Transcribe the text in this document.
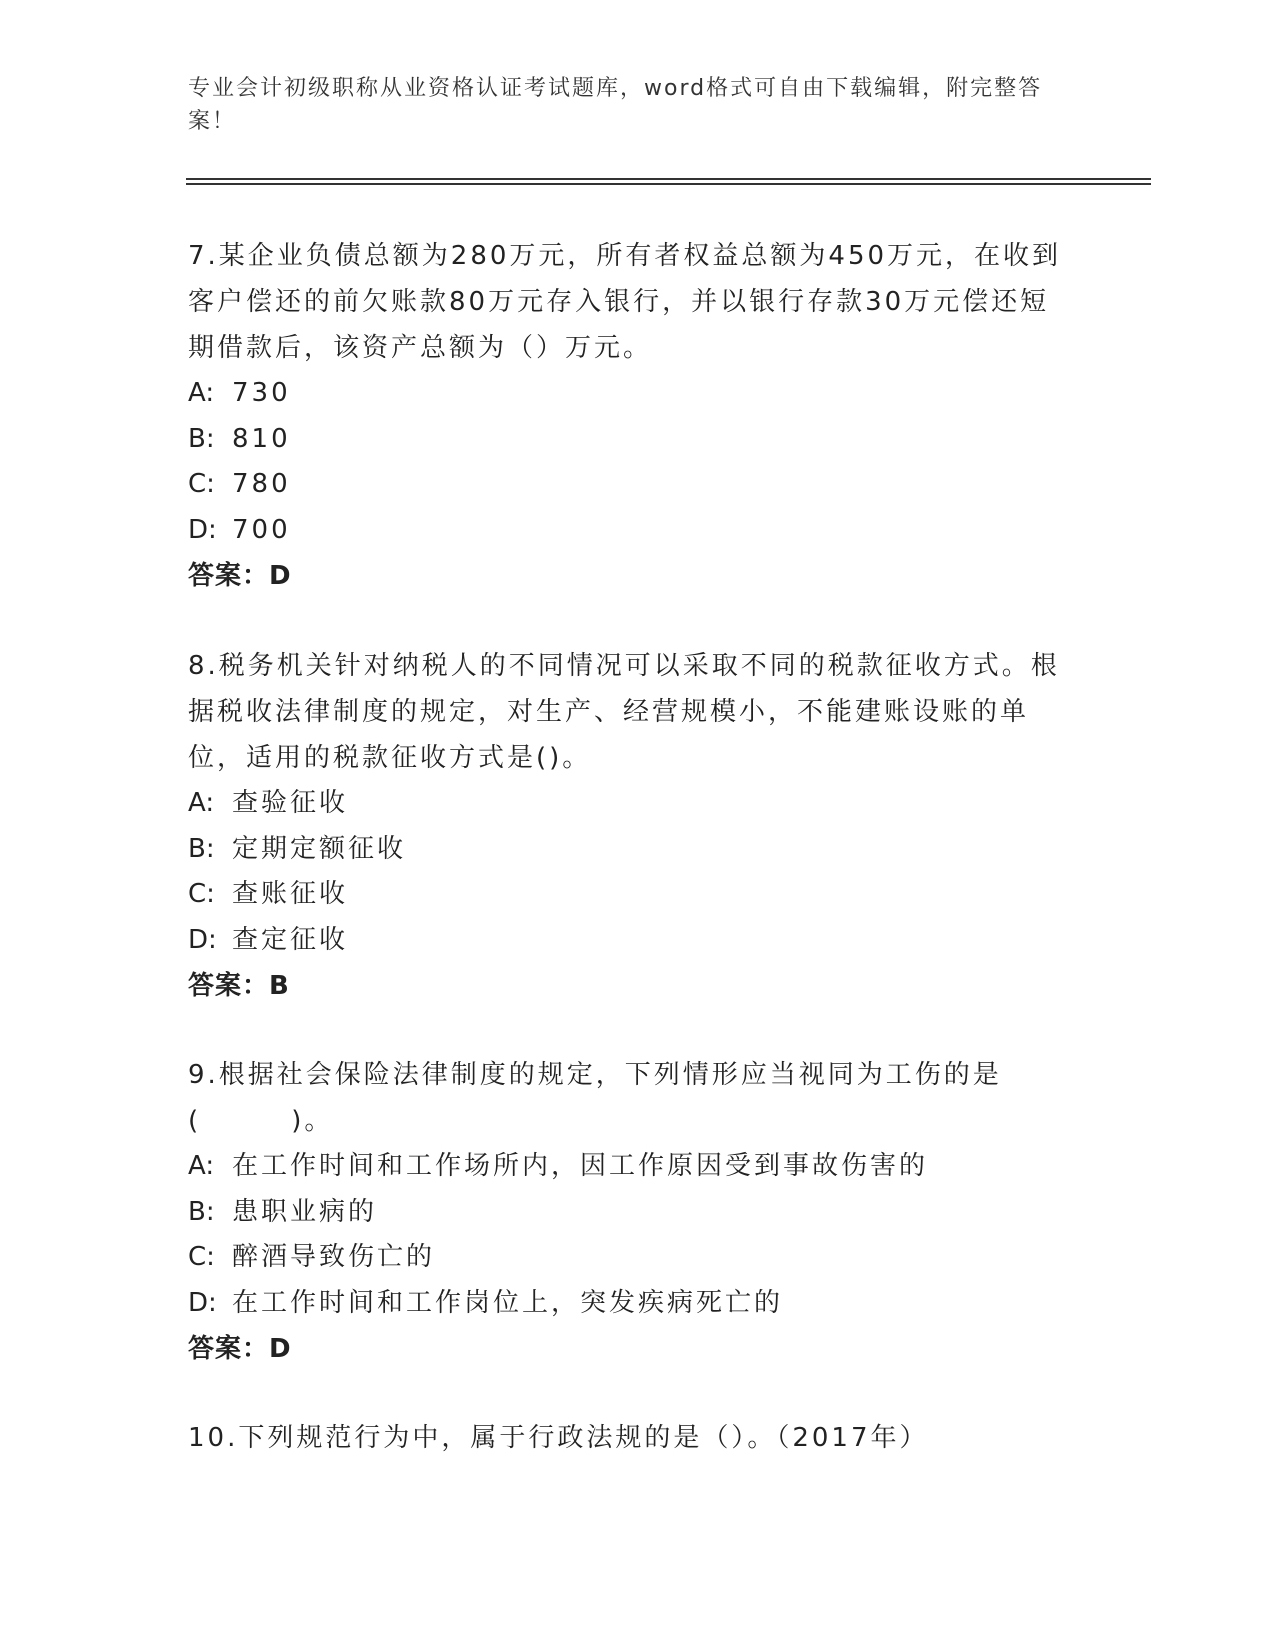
专业会计初级职称从业资格认证考试题库，word格式可自由下载编辑，附完整答案！

7.某企业负债总额为280万元，所有者权益总额为450万元，在收到客户偿还的前欠账款80万元存入银行，并以银行存款30万元偿还短期借款后，该资产总额为（）万元。

A: 730
B: 810
C: 780
D: 700
答案：D

8.税务机关针对纳税人的不同情况可以采取不同的税款征收方式。根据税收法律制度的规定，对生产、经营规模小，不能建账设账的单位，适用的税款征收方式是()。

A: 查验征收
B: 定期定额征收
C: 查账征收
D: 查定征收
答案：B
9.根据社会保险法律制度的规定，下列情形应当视同为工伤的是
(        )。
A: 在工作时间和工作场所内，因工作原因受到事故伤害的
B: 患职业病的
C: 醉酒导致伤亡的
D: 在工作时间和工作岗位上，突发疾病死亡的
答案：D

10.下列规范行为中，属于行政法规的是（）。（2017年）
